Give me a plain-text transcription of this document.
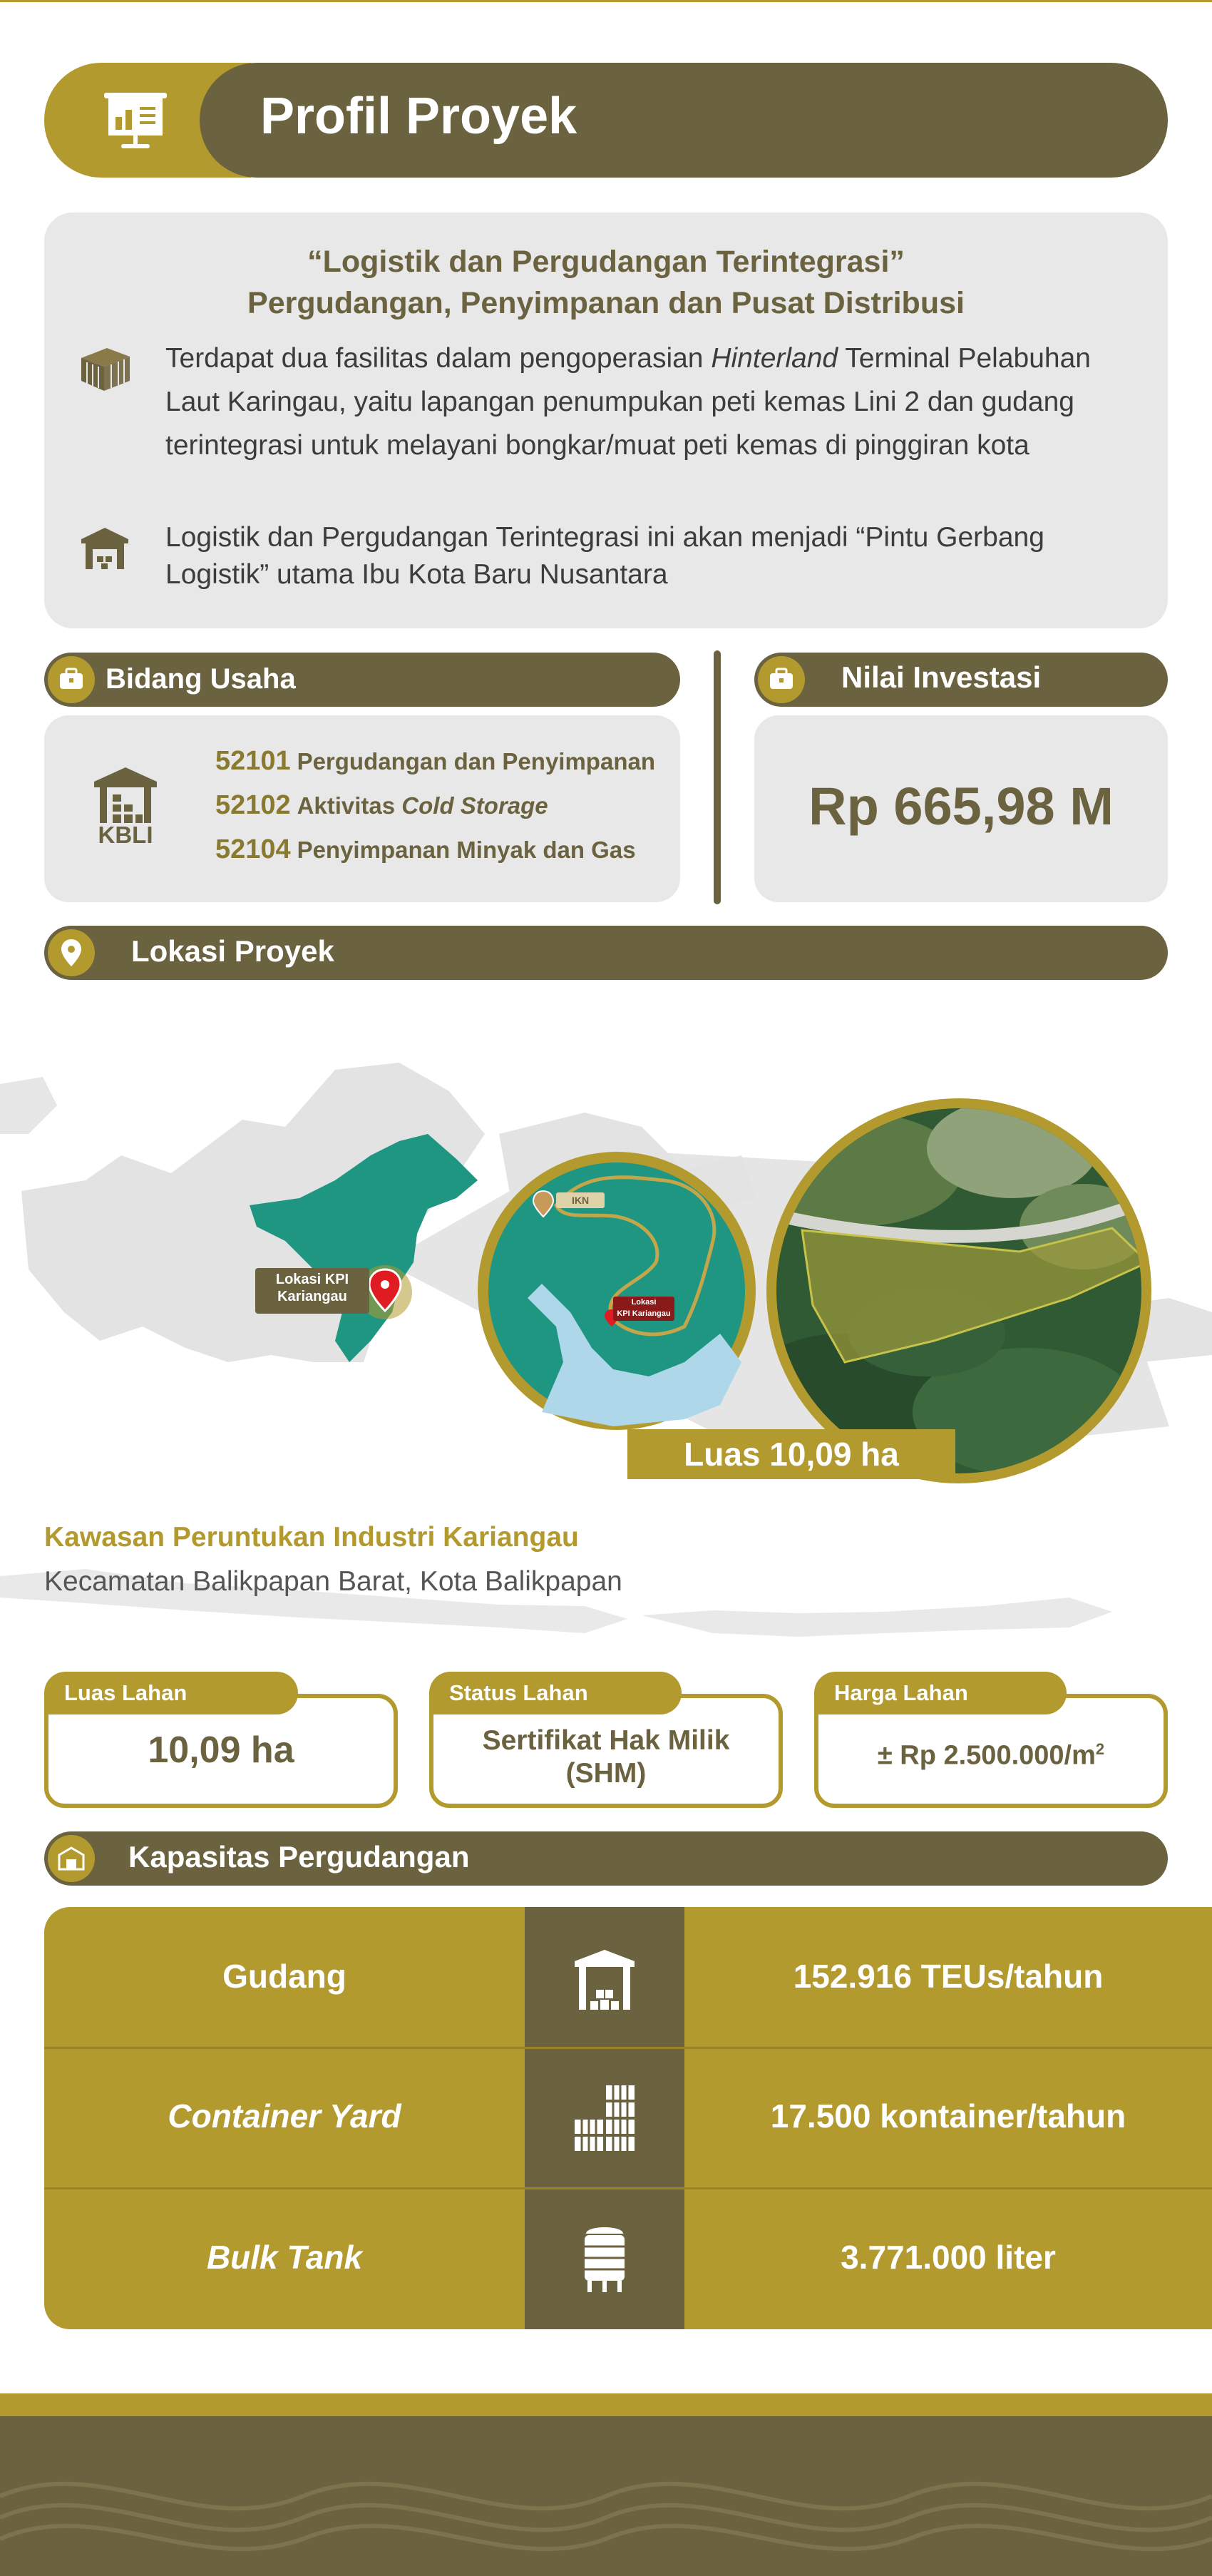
Profil Proyek
“Logistik dan Pergudangan Terintegrasi”
Pergudangan, Penyimpanan dan Pusat Distribusi
Terdapat dua fasilitas dalam pengoperasian Hinterland Terminal Pelabuhan Laut Karingau, yaitu lapangan penumpukan peti kemas Lini 2 dan gudang terintegrasi untuk melayani bongkar/muat peti kemas di pinggiran kota
Logistik dan Pergudangan Terintegrasi ini akan menjadi “Pintu Gerbang Logistik” utama Ibu Kota Baru Nusantara
Bidang Usaha
KBLI
52101 Pergudangan dan Penyimpanan
52102 Aktivitas Cold Storage
52104 Penyimpanan Minyak dan Gas
Nilai Investasi
Rp 665,98 M
Lokasi Proyek
Lokasi KPI
Kariangau
IKN
Lokasi
KPI Kariangau
Luas 10,09 ha
Kawasan Peruntukan Industri Kariangau
Kecamatan Balikpapan Barat, Kota Balikpapan
Luas Lahan
10,09 ha
Status Lahan
Sertifikat Hak Milik
(SHM)
Harga Lahan
± Rp $2.500.000/m^2$
Kapasitas Pergudangan
Gudang	152.916 TEUs/tahun
Container Yard	17.500 kontainer/tahun
Bulk Tank	3.771.000 liter
